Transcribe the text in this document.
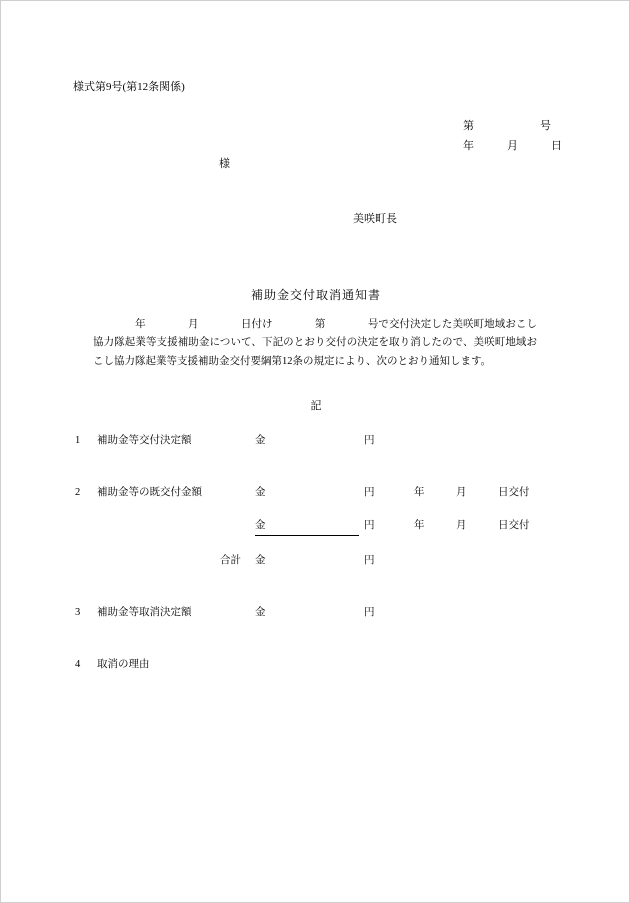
様式第9号(第12条関係)
第　　　　　　号
年　　　月　　　日
様
美咲町長
補助金交付取消通知書
年　　　　月　　　　日付け　　　　第　　　　号で交付決定した美咲町地域おこし協力隊起業等支援補助金について、下記のとおり交付の決定を取り消したので、美咲町地域おこし協力隊起業等支援補助金交付要綱第12条の規定により、次のとおり通知します。
記
1 補助金等交付決定額	金	円
2 補助金等の既交付金額	金	円	年　　　月　　　日交付
金	円	年　　　月　　　日交付
合計 金	円
3 補助金等取消決定額	金	円
4 取消の理由
